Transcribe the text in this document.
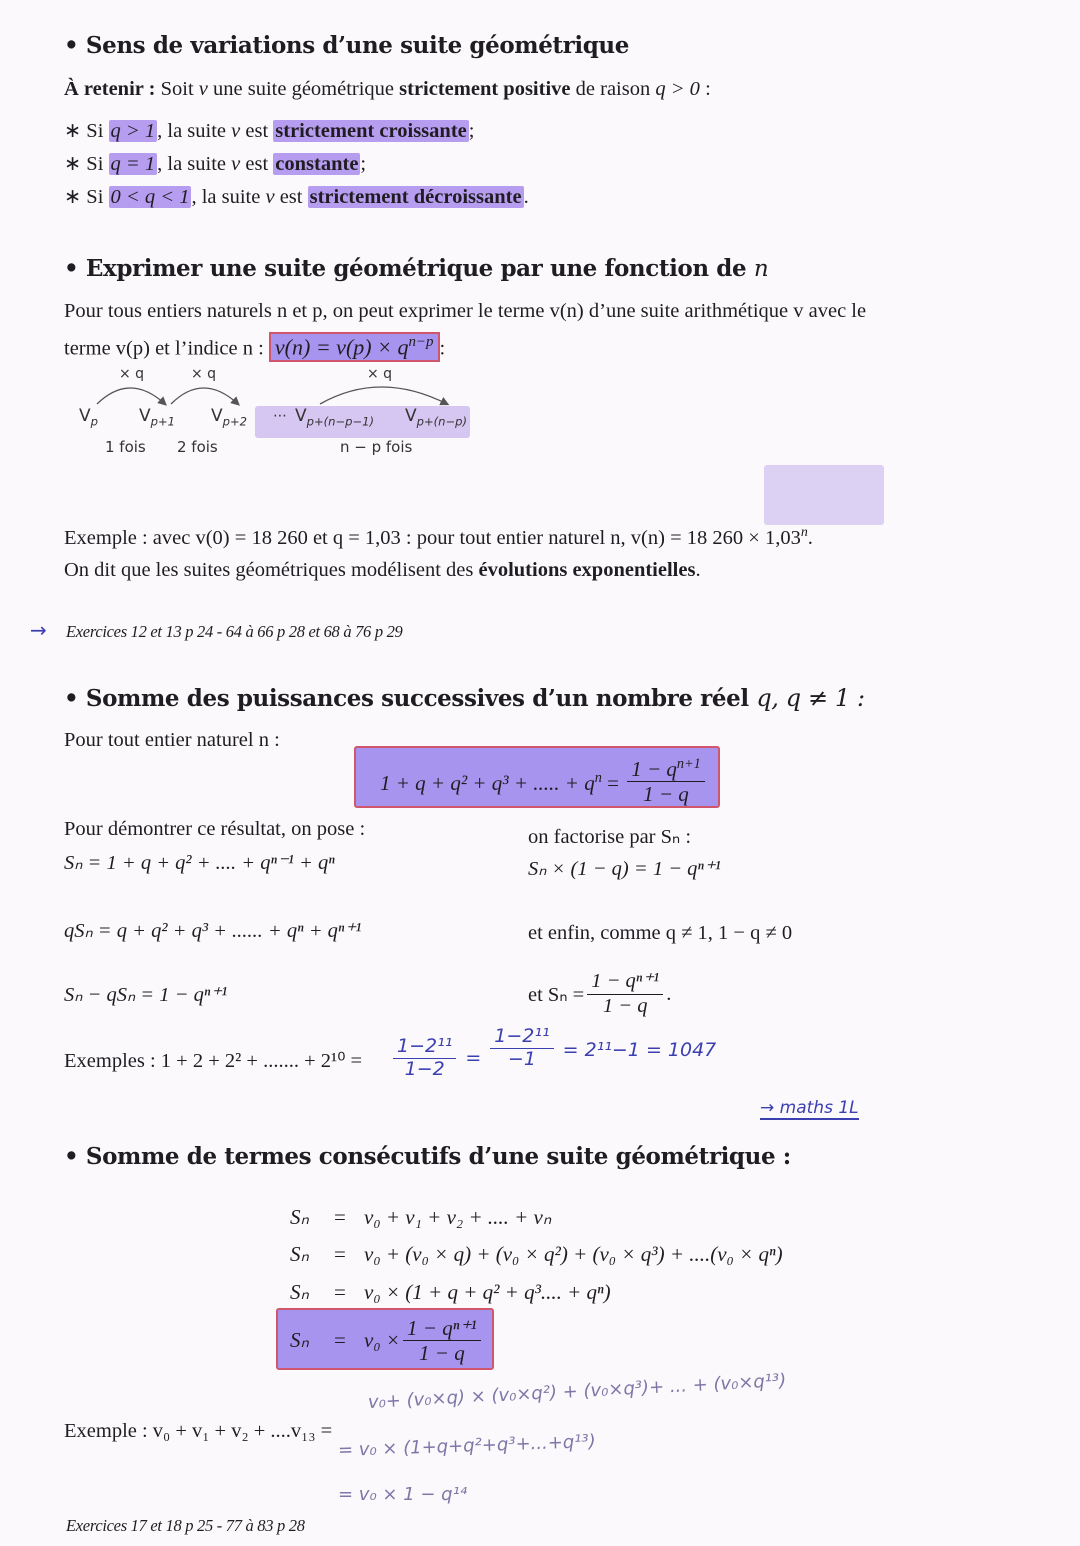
• Sens de variations d’une suite géométrique
À retenir : Soit v une suite géométrique strictement positive de raison q > 0 :
∗ Si q > 1, la suite v est strictement croissante;
∗ Si q = 1, la suite v est constante;
∗ Si 0 < q < 1, la suite v est strictement décroissante.
• Exprimer une suite géométrique par une fonction de n
Pour tous entiers naturels n et p, on peut exprimer le terme v(n) d’une suite arithmétique v avec le
terme v(p) et l’indice n : $v(n) = v(p) \times q^{n-p}$ :
× q	× q	× q
$V_p$ $V_{p+1}$ $V_{p+2}$ ⋯ $V_{p+(n-p-1)}$ $V_{p+(n-p)}$
1 fois 2 fois	n − p fois
Exemple : avec v(0) = 18 260 et q = 1,03 : pour tout entier naturel n, v(n) = 18 $260 \times 1,03^n$.
On dit que les suites géométriques modélisent des évolutions exponentielles.
→ Exercices 12 et 13 p 24 - 64 à 66 p 28 et 68 à 76 p 29
• Somme des puissances successives d’un nombre réel q, q ≠ 1 :
Pour tout entier naturel n :
1 + q + q² + q³ + ..... + $q^n = \frac{1 - q^{n+1}}{1 - q}$
Pour démontrer ce résultat, on pose :
Sₙ = 1 + q + q² + .... + qⁿ⁻¹ + qⁿ
qSₙ = q + q² + q³ + ...... + qⁿ + qⁿ⁺¹
Sₙ − qSₙ = 1 − qⁿ⁺¹
on factorise par Sₙ :
Sₙ × (1 − q) = 1 − qⁿ⁺¹
et enfin, comme q ≠ 1, 1 − q ≠ 0
et $S_n = \frac{\text{1 − qⁿ⁺¹}}{1 - q}$ .
Exemples : 1 + 2 + 2² + ....... + $2^{10} = \frac{\text{1−2¹¹}}{1-2} = \frac{\text{1−2¹¹}}{-1} = 2^{11}-1 = 1047$
→ maths 1L
• Somme de termes consécutifs d’une suite géométrique :
Sₙ = v₀ + v₁ + v₂ + .... + vₙ
Sₙ = v₀ + (v₀ × q) + (v₀ × q²) + (v₀ × q³) + ....(v₀ × qⁿ)
Sₙ = v₀ × (1 + q + q² + q³.... + qⁿ)
Sₙ	= $v_0 \times \frac{\text{1 − qⁿ⁺¹}}{1 - q}$
Exemple : v₀ + v₁ + v₂ + ....v₁₃ =
v₀+ (v₀×q) × (v₀×q²) + (v₀×q³)+ ... + (v₀×q¹³)
= v₀ × (1+q+q²+q³+...+q¹³)
= v₀ × 1 − q¹⁴
Exercices 17 et 18 p 25 - 77 à 83 p 28
